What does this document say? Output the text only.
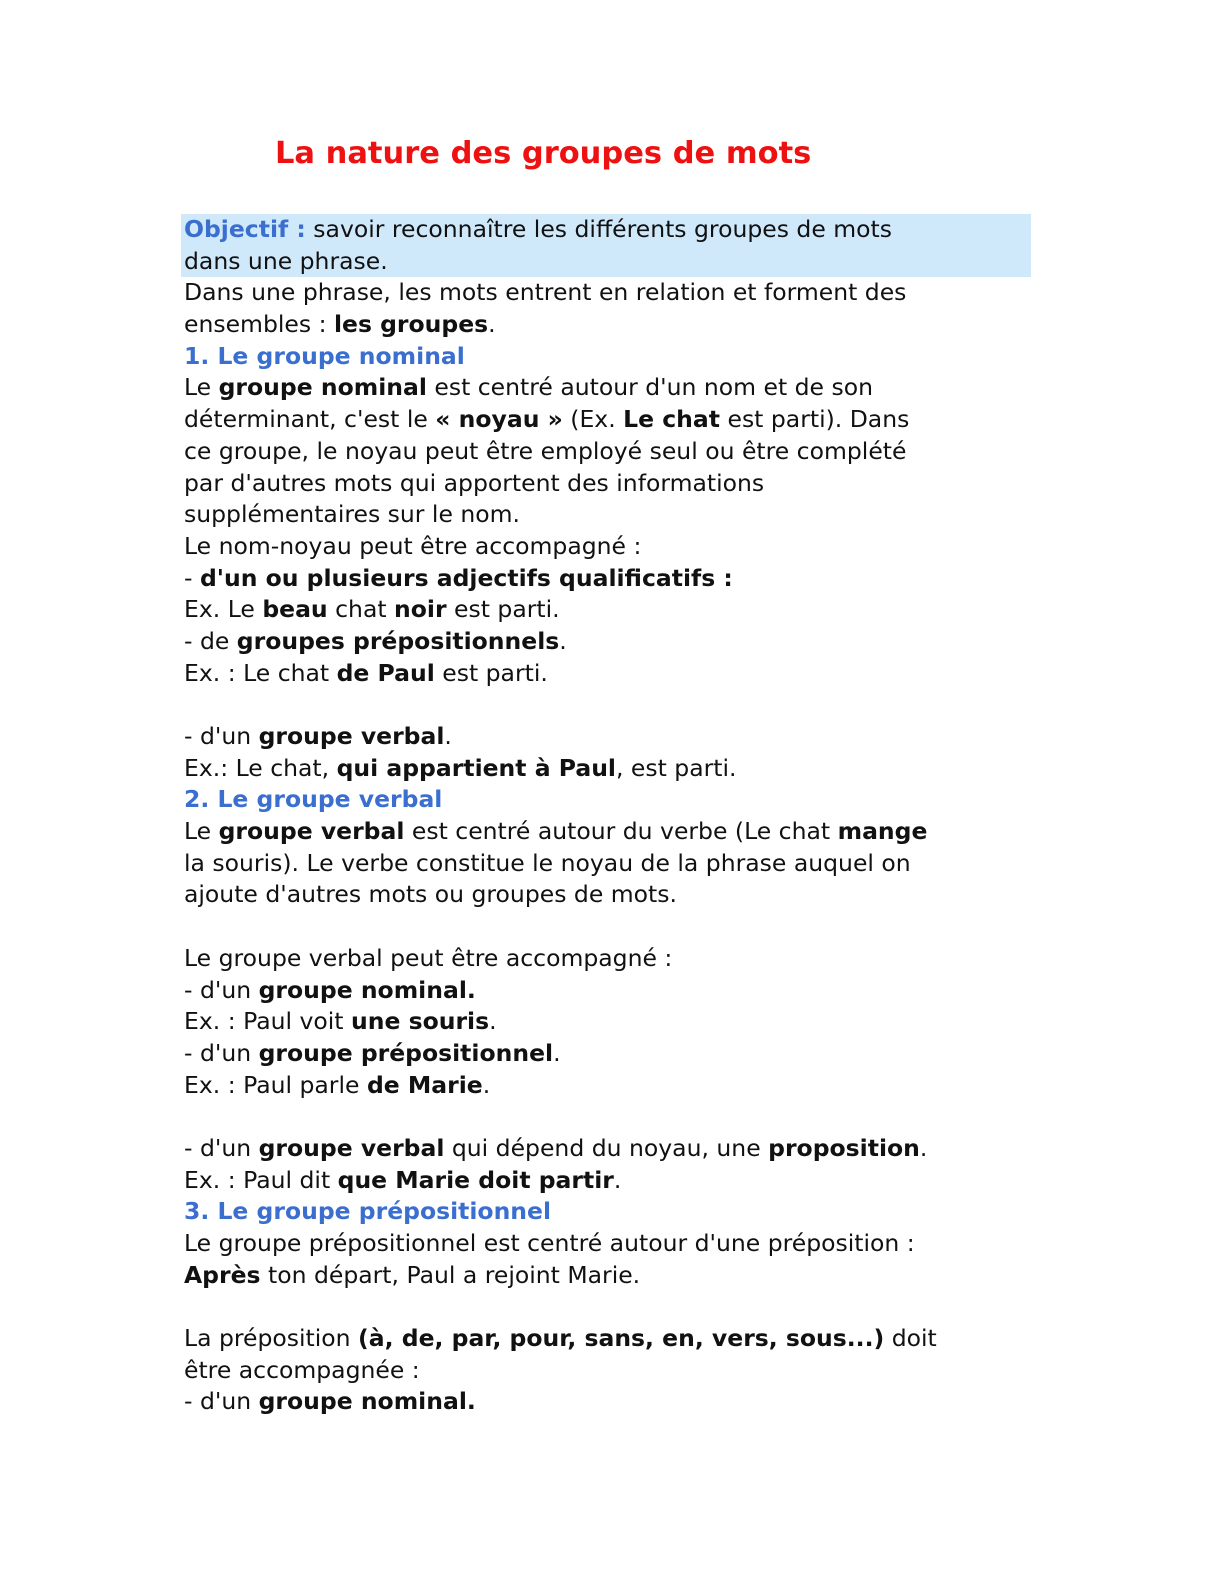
La nature des groupes de mots
Objectif : savoir reconnaître les différents groupes de mots
dans une phrase.
Dans une phrase, les mots entrent en relation et forment des
ensembles : les groupes.
1. Le groupe nominal
Le groupe nominal est centré autour d'un nom et de son
déterminant, c'est le « noyau » (Ex. Le chat est parti). Dans
ce groupe, le noyau peut être employé seul ou être complété
par d'autres mots qui apportent des informations
supplémentaires sur le nom.
Le nom-noyau peut être accompagné :
- d'un ou plusieurs adjectifs qualificatifs :
Ex. Le beau chat noir est parti.
- de groupes prépositionnels.
Ex. : Le chat de Paul est parti.
- d'un groupe verbal.
Ex.: Le chat, qui appartient à Paul, est parti.
2. Le groupe verbal
Le groupe verbal est centré autour du verbe (Le chat mange
la souris). Le verbe constitue le noyau de la phrase auquel on
ajoute d'autres mots ou groupes de mots.
Le groupe verbal peut être accompagné :
- d'un groupe nominal.
Ex. : Paul voit une souris.
- d'un groupe prépositionnel.
Ex. : Paul parle de Marie.
- d'un groupe verbal qui dépend du noyau, une proposition.
Ex. : Paul dit que Marie doit partir.
3. Le groupe prépositionnel
Le groupe prépositionnel est centré autour d'une préposition :
Après ton départ, Paul a rejoint Marie.
La préposition (à, de, par, pour, sans, en, vers, sous...) doit
être accompagnée :
- d'un groupe nominal.
